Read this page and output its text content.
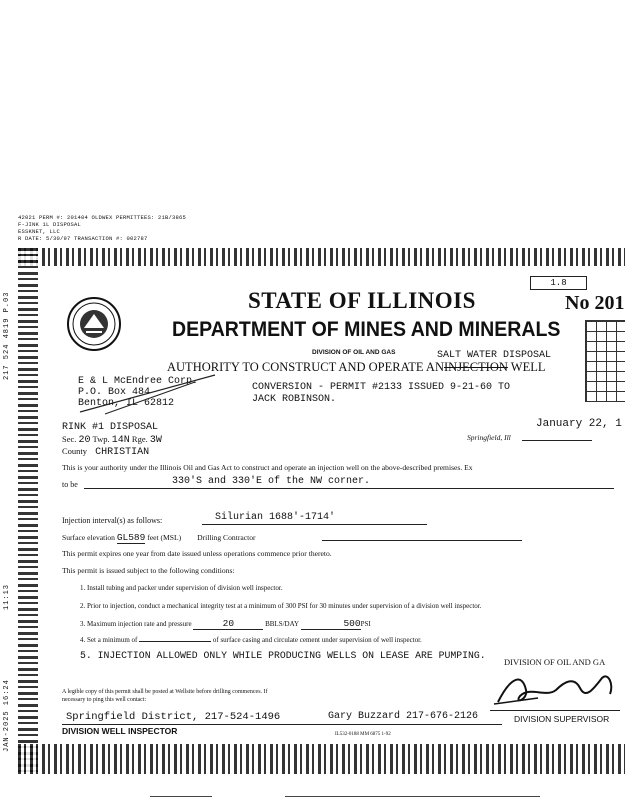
42021 PERM #: 201404 OLDWEX PERMITTEES: 21B/3865
F-JINK 1L DISPOSAL
ESSKNET, LLC
R DATE: 5/30/97 TRANSACTION #: 002787
217 524 4819 P.03
11:13
JAN-2025 16:24
1.8
STATE OF ILLINOIS	No 201
DEPARTMENT OF MINES AND MINERALS
DIVISION OF OIL AND GAS	SALT WATER DISPOSAL
AUTHORITY TO CONSTRUCT AND OPERATE ANINJECTION WELL
E & L McEndree Corp.
P.O. Box 484
Benton, IL 62812
CONVERSION - PERMIT #2133 ISSUED 9-21-60 TO
JACK ROBINSON.
January 22, 1
Springfield, Ill
RINK #1 DISPOSAL
Sec. 20 Twp. 14N Rge. 3W
County CHRISTIAN
This is your authority under the Illinois Oil and Gas Act to construct and operate an injection well on the above-described premises. Ex
to be	330'S and 330'E of the NW corner.
Injection interval(s) as follows:	Silurian 1688'-1714'
Surface elevation GL589 feet (MSL) Drilling Contractor
This permit expires one year from date issued unless operations commence prior thereto.
This permit is issued subject to the following conditions:
1. Install tubing and packer under supervision of division well inspector.
2. Prior to injection, conduct a mechanical integrity test at a minimum of 300 PSI for 30 minutes under supervision of a division well inspector.
3. Maximum injection rate and pressure	20	BBLS/DAY	500PSI
4. Set a minimum of	of surface casing and circulate cement under supervision of well inspector.
5. INJECTION ALLOWED ONLY WHILE PRODUCING WELLS ON LEASE ARE PUMPING.
DIVISION OF OIL AND GA
A legible copy of this permit shall be posted at Wellsite before drilling commences. If necessary to ping this well contact:
Springfield District, 217-524-1496	Gary Buzzard 217-676-2126
DIVISION WELL INSPECTOR	IL532-0188 MM 6875 1-92
DIVISION SUPERVISOR
